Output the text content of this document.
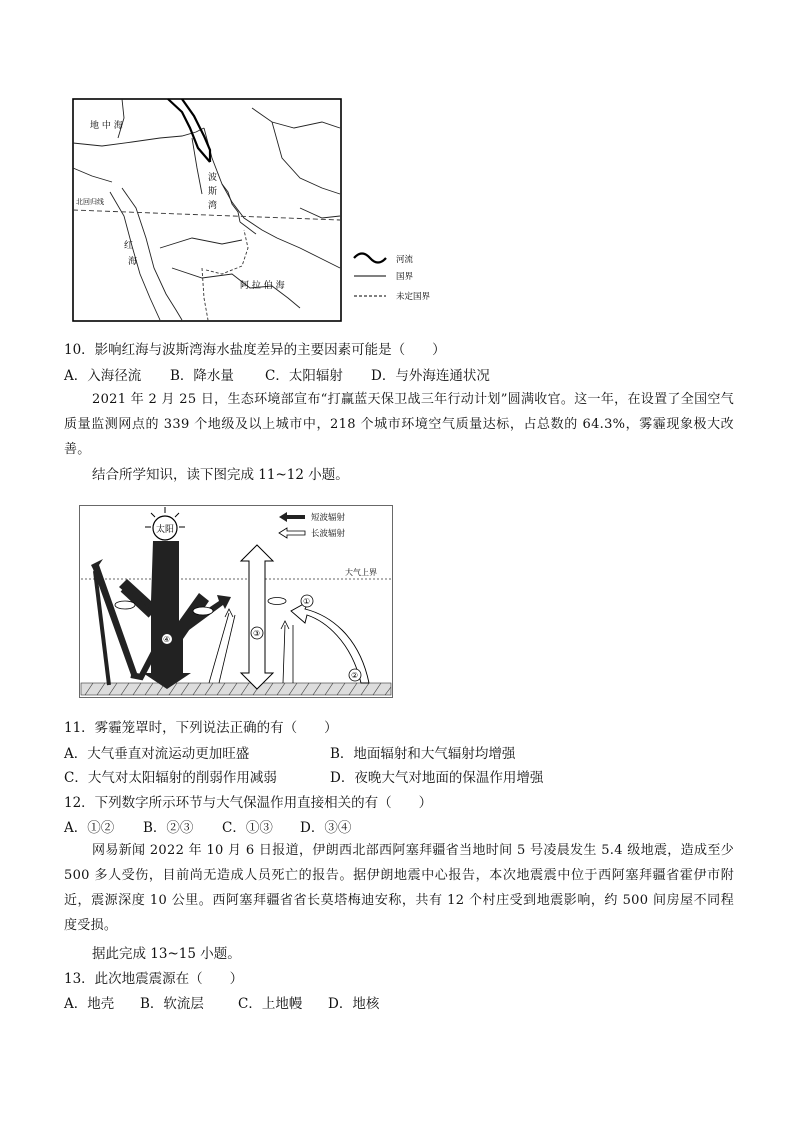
地 中 海
波
斯
湾
北回归线
红
海
阿 拉 伯 海
河流
国界
未定国界
10．影响红海与波斯湾海水盐度差异的主要因素可能是（　　）
A．入海径流 B．降水量 C．太阳辐射 D．与外海连通状况
2021 年 2 月 25 日，生态环境部宣布“打赢蓝天保卫战三年行动计划”圆满收官。这一年，在设置了全国空气质量监测网点的 339 个地级及以上城市中，218 个城市环境空气质量达标，占总数的 64.3%，雾霾现象极大改善。
结合所学知识，读下图完成 11~12 小题。
大气上界
太阳
④
③
①
②
短波辐射
长波辐射
11．雾霾笼罩时，下列说法正确的有（　　）
A．大气垂直对流运动更加旺盛	B．地面辐射和大气辐射均增强
C．大气对太阳辐射的削弱作用减弱	D．夜晚大气对地面的保温作用增强
12．下列数字所示环节与大气保温作用直接相关的有（　　）
A．①② B．②③ C．①③ D．③④
网易新闻 2022 年 10 月 6 日报道，伊朗西北部西阿塞拜疆省当地时间 5 号凌晨发生 5.4 级地震，造成至少 500 多人受伤，目前尚无造成人员死亡的报告。据伊朗地震中心报告，本次地震震中位于西阿塞拜疆省霍伊市附近，震源深度 10 公里。西阿塞拜疆省省长莫塔梅迪安称，共有 12 个村庄受到地震影响，约 500 间房屋不同程度受损。
据此完成 13~15 小题。
13．此次地震震源在（　　）
A．地壳 B．软流层	C．上地幔 D．地核
